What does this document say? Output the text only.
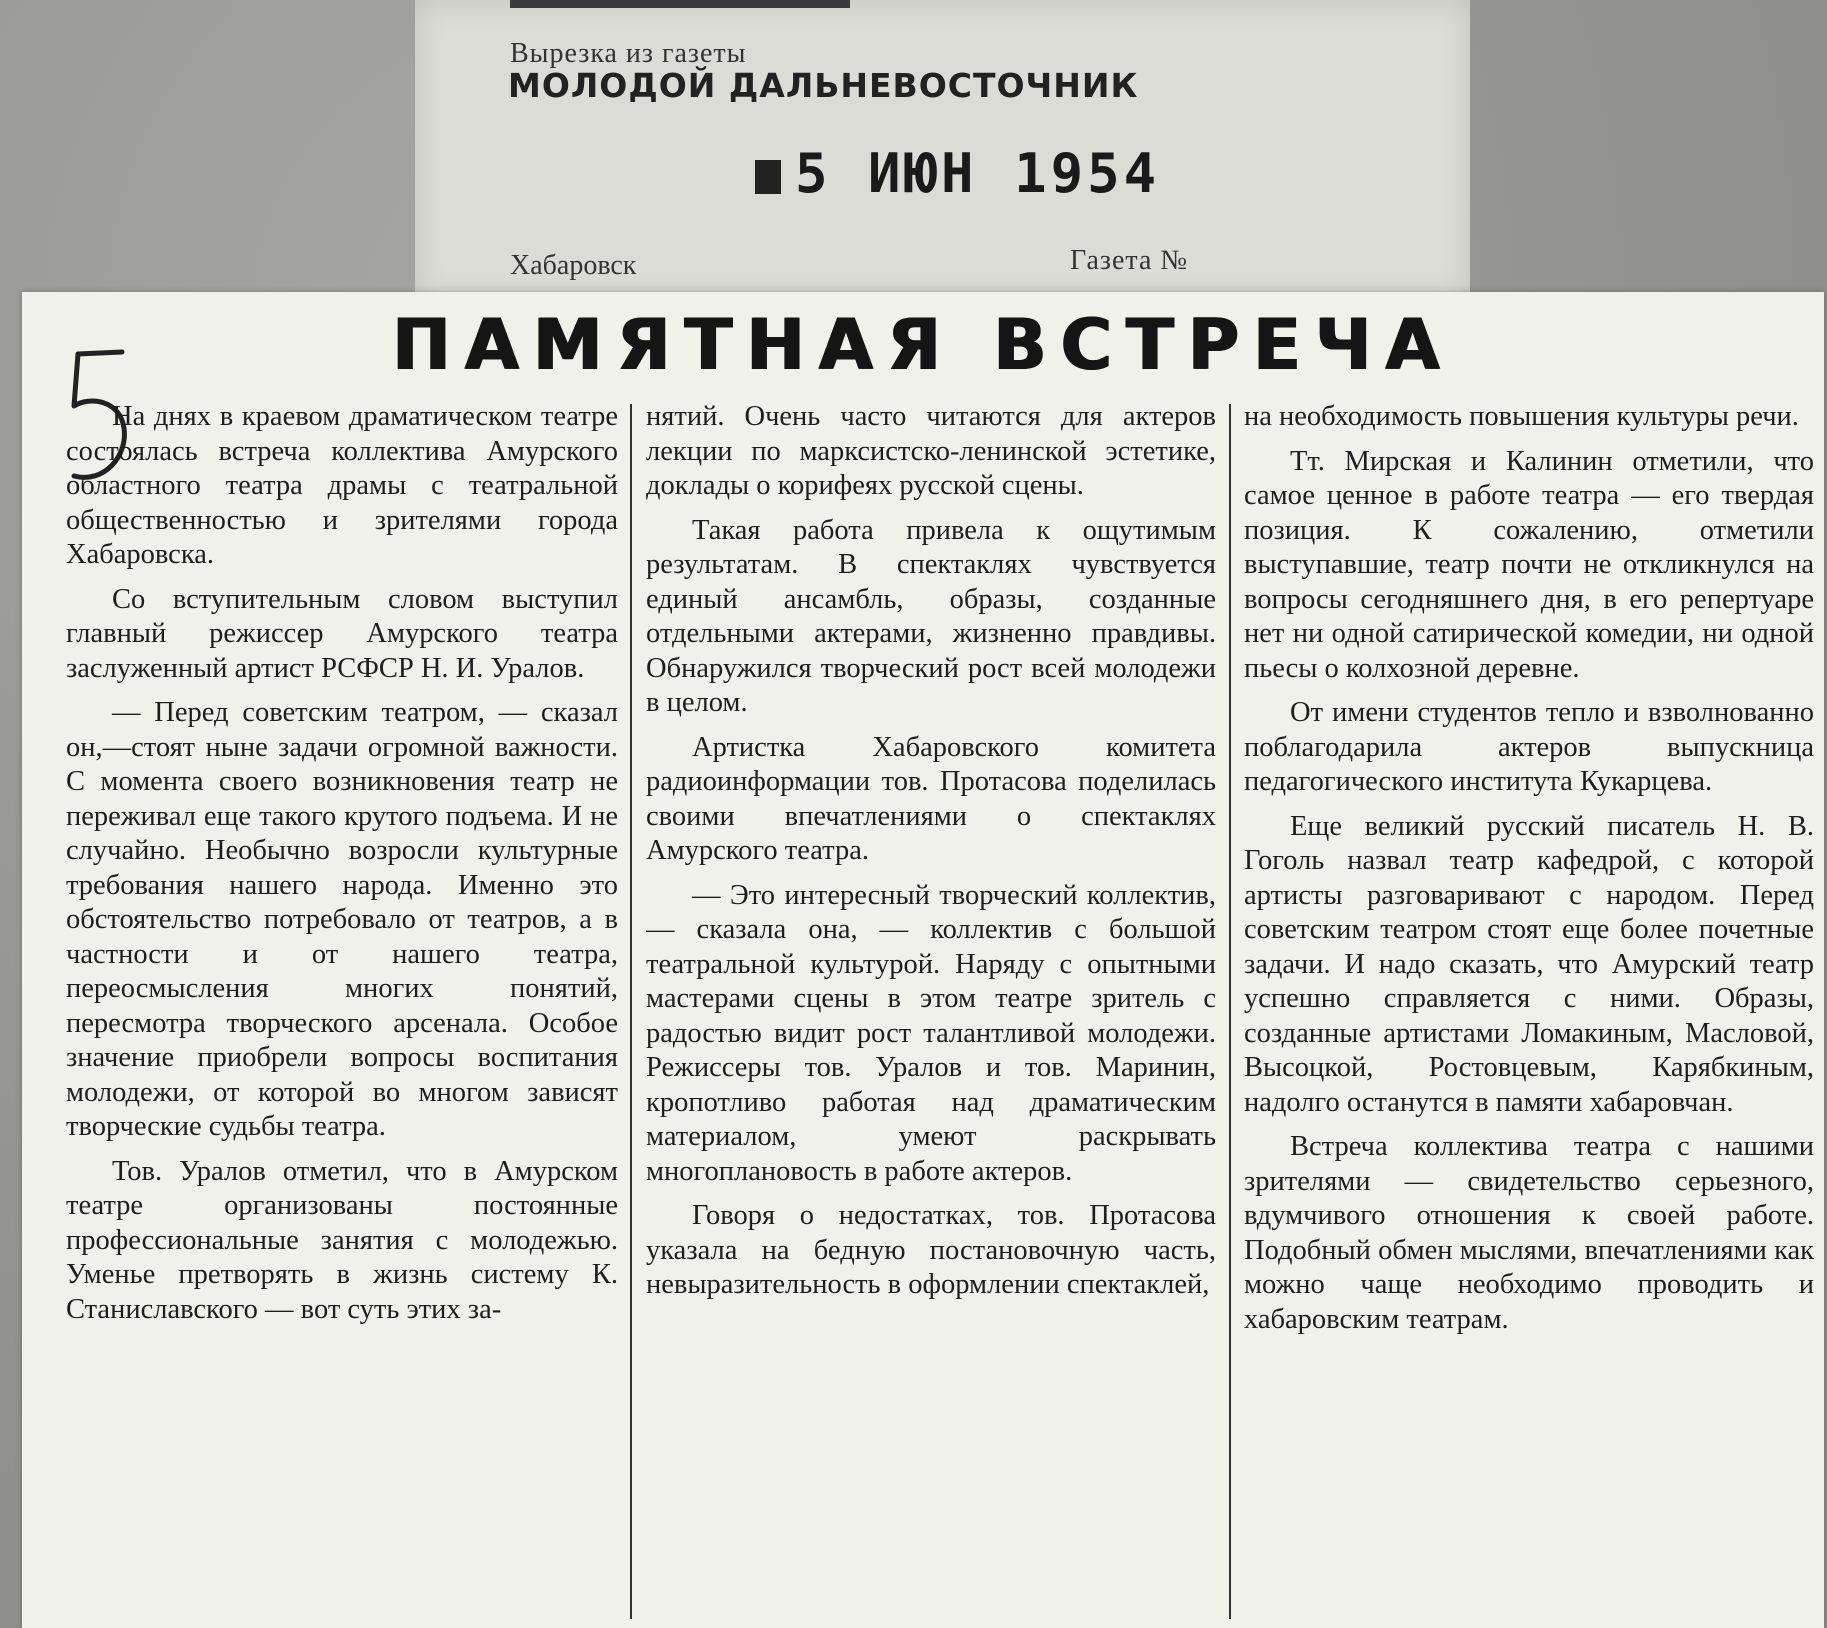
Вырезка из газеты
МОЛОДОЙ ДАЛЬНЕВОСТОЧНИК
5 ИЮН 1954
Хабаровск	Газета №
ПАМЯТНАЯ ВСТРЕЧА

На днях в краевом драматическом театре состоялась встреча коллектива Амурского областного театра драмы с театральной общественностью и зрителями города Хабаровска.

Со вступительным словом выступил главный режиссер Амурского театра заслуженный артист РСФСР Н. И. Уралов.

— Перед советским театром, — сказал он,—стоят ныне задачи огромной важности. С момента своего возникновения театр не переживал еще такого крутого подъема. И не случайно. Необычно возросли культурные требования нашего народа. Именно это обстоятельство потребовало от театров, а в частности и от нашего театра, переосмысления многих понятий, пересмотра творческого арсенала. Особое значение приобрели вопросы воспитания молодежи, от которой во многом зависят творческие судьбы театра.

Тов. Уралов отметил, что в Амурском театре организованы постоянные профессиональные занятия с молодежью. Уменье претворять в жизнь систему К. Станиславского — вот суть этих за-

нятий. Очень часто читаются для актеров лекции по марксистско-ленинской эстетике, доклады о корифеях русской сцены.

Такая работа привела к ощутимым результатам. В спектаклях чувствуется единый ансамбль, образы, созданные отдельными актерами, жизненно правдивы. Обнаружился творческий рост всей молодежи в целом.

Артистка Хабаровского комитета радиоинформации тов. Протасова поделилась своими впечатлениями о спектаклях Амурского театра.

— Это интересный творческий коллектив, — сказала она, — коллектив с большой театральной культурой. Наряду с опытными мастерами сцены в этом театре зритель с радостью видит рост талантливой молодежи. Режиссеры тов. Уралов и тов. Маринин, кропотливо работая над драматическим материалом, умеют раскрывать многоплановость в работе актеров.

Говоря о недостатках, тов. Протасова указала на бедную постановочную часть, невыразительность в оформлении спектаклей,

на необходимость повышения культуры речи.

Тт. Мирская и Калинин отметили, что самое ценное в работе театра — его твердая позиция. К сожалению, отметили выступавшие, театр почти не откликнулся на вопросы сегодняшнего дня, в его репертуаре нет ни одной сатирической комедии, ни одной пьесы о колхозной деревне.

От имени студентов тепло и взволнованно поблагодарила актеров выпускница педагогического института Кукарцева.

Еще великий русский писатель Н. В. Гоголь назвал театр кафедрой, с которой артисты разговаривают с народом. Перед советским театром стоят еще более почетные задачи. И надо сказать, что Амурский театр успешно справляется с ними. Образы, созданные артистами Ломакиным, Масловой, Высоцкой, Ростовцевым, Карябкиным, надолго останутся в памяти хабаровчан.

Встреча коллектива театра с нашими зрителями — свидетельство серьезного, вдумчивого отношения к своей работе. Подобный обмен мыслями, впечатлениями как можно чаще необходимо проводить и хабаровским театрам.
